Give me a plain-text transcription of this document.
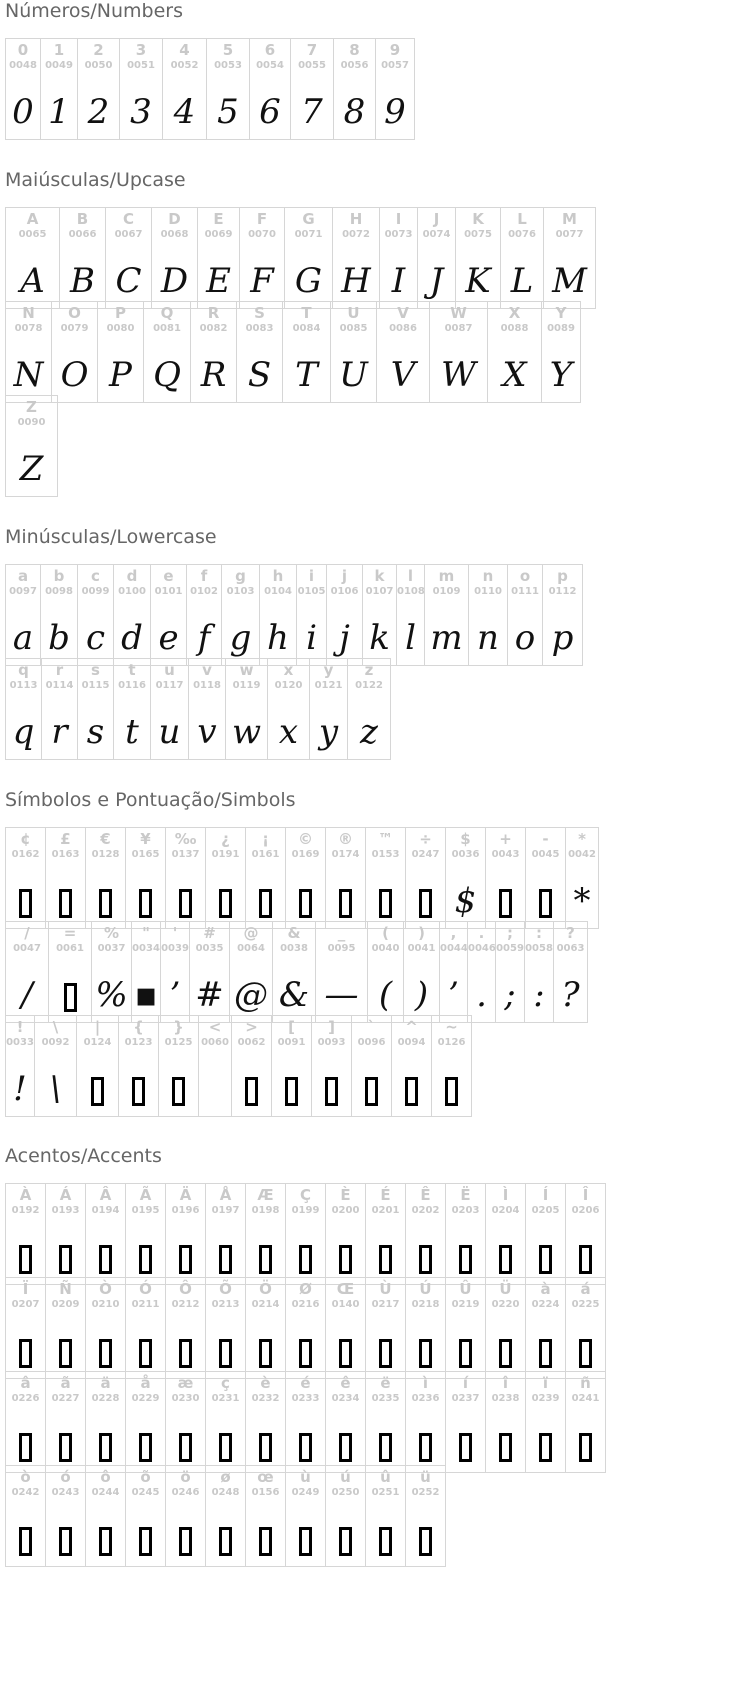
Números/Numbers
0
0048
0
1
0049
1
2
0050
2
3
0051
3
4
0052
4
5
0053
5
6
0054
6
7
0055
7
8
0056
8
9
0057
9
Maiúsculas/Upcase
A
0065
A
B
0066
B
C
0067
C
D
0068
D
E
0069
E
F
0070
F
G
0071
G
H
0072
H
I
0073
I
J
0074
J
K
0075
K
L
0076
L
M
0077
M
N
0078
N
O
0079
O
P
0080
P
Q
0081
Q
R
0082
R
S
0083
S
T
0084
T
U
0085
U
V
0086
V
W
0087
W
X
0088
X
Y
0089
Y
Z
0090
Z
Minúsculas/Lowercase
a
0097
a
b
0098
b
c
0099
c
d
0100
d
e
0101
e
f
0102
f
g
0103
g
h
0104
h
i
0105
i
j
0106
j
k
0107
k
l
0108
l
m
0109
m
n
0110
n
o
0111
o
p
0112
p
q
0113
q
r
0114
r
s
0115
s
t
0116
t
u
0117
u
v
0118
v
w
0119
w
x
0120
x
y
0121
y
z
0122
z
Símbolos e Pontuação/Simbols
¢
0162
£
0163
€
0128
¥
0165
‰
0137
¿
0191
¡
0161
©
0169
®
0174
™
0153
÷
0247
$
0036
$
+
0043
-
0045
*
0042
*
/
0047
/
=
0061
%
0037
%
"
0034
▪
'
0039
’
#
0035
#
@
0064
@
&
0038
&
_
0095
—
(
0040
(
)
0041
)
,
0044
’
.
0046
.
;
0059
;
:
0058
:
?
0063
?
!
0033
!
\
0092
\
|
0124
{
0123
}
0125
<
0060
>
0062
[
0091
]
0093
`
0096
^
0094
~
0126
Acentos/Accents
À
0192
Á
0193
Â
0194
Ã
0195
Ä
0196
Å
0197
Æ
0198
Ç
0199
È
0200
É
0201
Ê
0202
Ë
0203
Ì
0204
Í
0205
Î
0206
Ï
0207
Ñ
0209
Ò
0210
Ó
0211
Ô
0212
Õ
0213
Ö
0214
Ø
0216
Œ
0140
Ù
0217
Ú
0218
Û
0219
Ü
0220
à
0224
á
0225
â
0226
ã
0227
ä
0228
å
0229
æ
0230
ç
0231
è
0232
é
0233
ê
0234
ë
0235
ì
0236
í
0237
î
0238
ï
0239
ñ
0241
ò
0242
ó
0243
ô
0244
õ
0245
ö
0246
ø
0248
œ
0156
ù
0249
ú
0250
û
0251
ü
0252
